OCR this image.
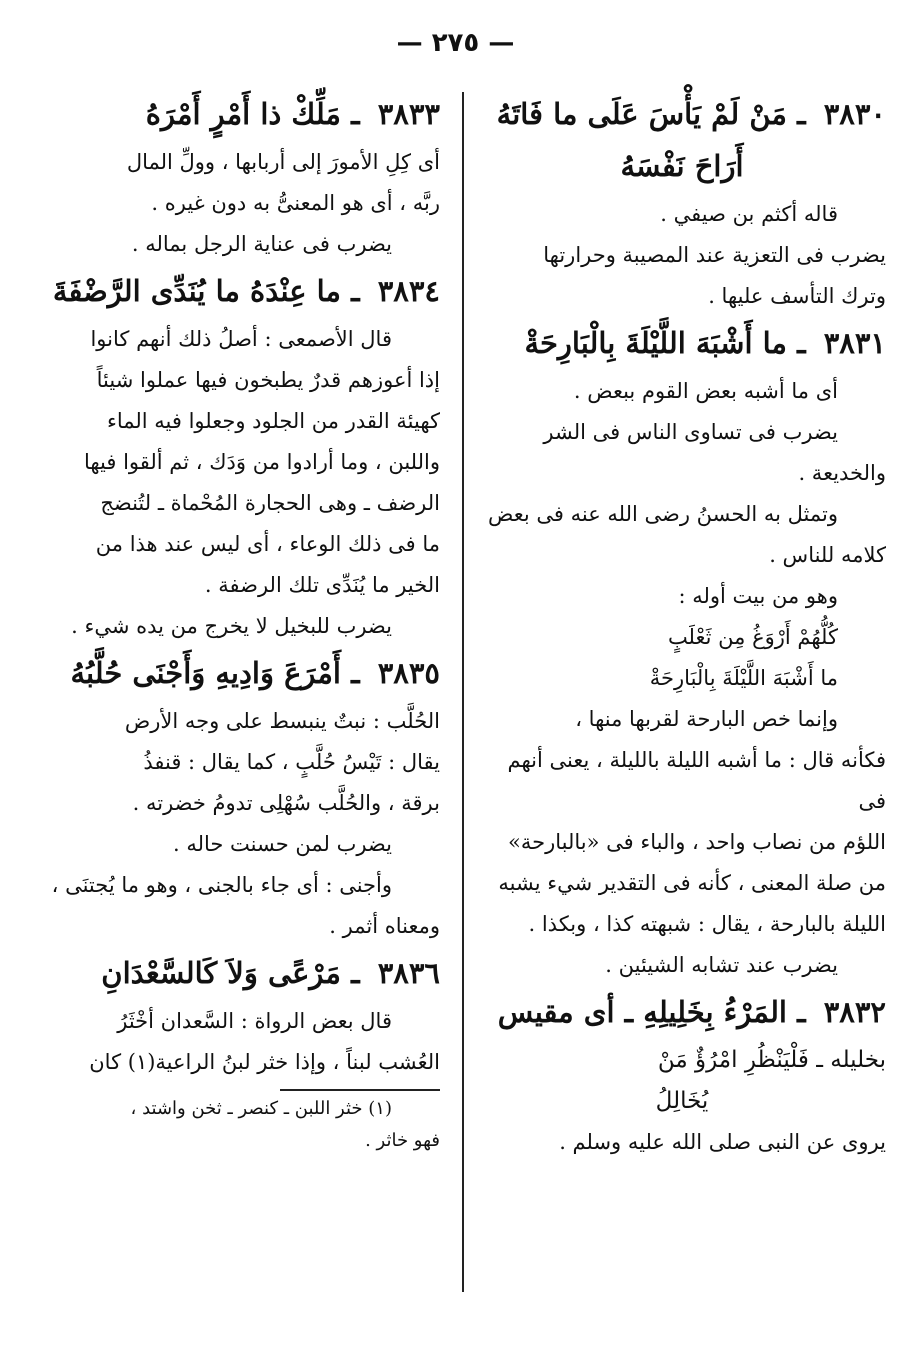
— ٢٧٥ —
٣٨٣٠ ـ مَنْ لَمْ يَأْسَ عَلَى ما فَاتَهُ
أَرَاحَ نَفْسَهُ

قاله أكثم بن صيفي .

يضرب فى التعزية عند المصيبة وحرارتها

وترك التأسف عليها .

٣٨٣١ ـ ما أَشْبَهَ اللَّيْلَةَ بِالْبَارِحَةْ

أى ما أشبه بعض القوم ببعض .

يضرب فى تساوى الناس فى الشر

والخديعة .

وتمثل به الحسنُ رضى الله عنه فى بعض

كلامه للناس .

وهو من بيت أوله :

كُلُّهُمْ أَرْوَغُ مِن ثَعْلَبٍ

ما أَشْبَهَ اللَّيْلَةَ بِالْبَارِحَةْ

وإنما خص البارحة لقربها منها ،

فكأنه قال : ما أشبه الليلة بالليلة ، يعنى أنهم فى

اللؤم من نصاب واحد ، والباء فى «بالبارحة»

من صلة المعنى ، كأنه فى التقدير شيء يشبه

الليلة بالبارحة ، يقال : شبهته كذا ، وبكذا .

يضرب عند تشابه الشيئين .

٣٨٣٢ ـ المَرْءُ بِخَلِيلِهِ ـ أى مقيس

بخليله ـ فَلْيَنْظُرِ امْرُؤٌ مَنْ

يُخَالِلُ

يروى عن النبى صلى الله عليه وسلم .

٣٨٣٣ ـ مَلِّكْ ذا أَمْرٍ أَمْرَهُ

أى كِلِ الأمورَ إلى أربابها ، وولِّ المال

ربَّه ، أى هو المعنىُّ به دون غيره .

يضرب فى عناية الرجل بماله .

٣٨٣٤ ـ ما عِنْدَهُ ما يُنَدِّى الرَّضْفَةَ

قال الأصمعى : أصلُ ذلك أنهم كانوا

إذا أعوزهم قدرٌ يطبخون فيها عملوا شيئاً

كهيئة القدر من الجلود وجعلوا فيه الماء

واللبن ، وما أرادوا من وَدَك ، ثم ألقوا فيها

الرضف ـ وهى الحجارة المُحْماة ـ لتُنضج

ما فى ذلك الوعاء ، أى ليس عند هذا من

الخير ما يُنَدِّى تلك الرضفة .

يضرب للبخيل لا يخرج من يده شيء .

٣٨٣٥ ـ أَمْرَعَ وَادِيهِ وَأَجْنَى حُلَّبُهُ

الحُلَّب : نبتٌ ينبسط على وجه الأرض

يقال : تَيْسُ حُلَّبٍ ، كما يقال : قنفذُ

برقة ، والحُلَّب سُهْلِى تدومُ خضرته .

يضرب لمن حسنت حاله .

وأجنى : أى جاء بالجنى ، وهو ما يُجتنَى ،

ومعناه أثمر .

٣٨٣٦ ـ مَرْعًى وَلاَ كَالسَّعْدَانِ

قال بعض الرواة : السَّعدان أخْثَرُ

العُشب لبناً ، وإذا خثر لبنُ الراعية(١) كان

(١) خثر اللبن ـ كنصر ـ ثخن واشتد ،

فهو خاثر .
